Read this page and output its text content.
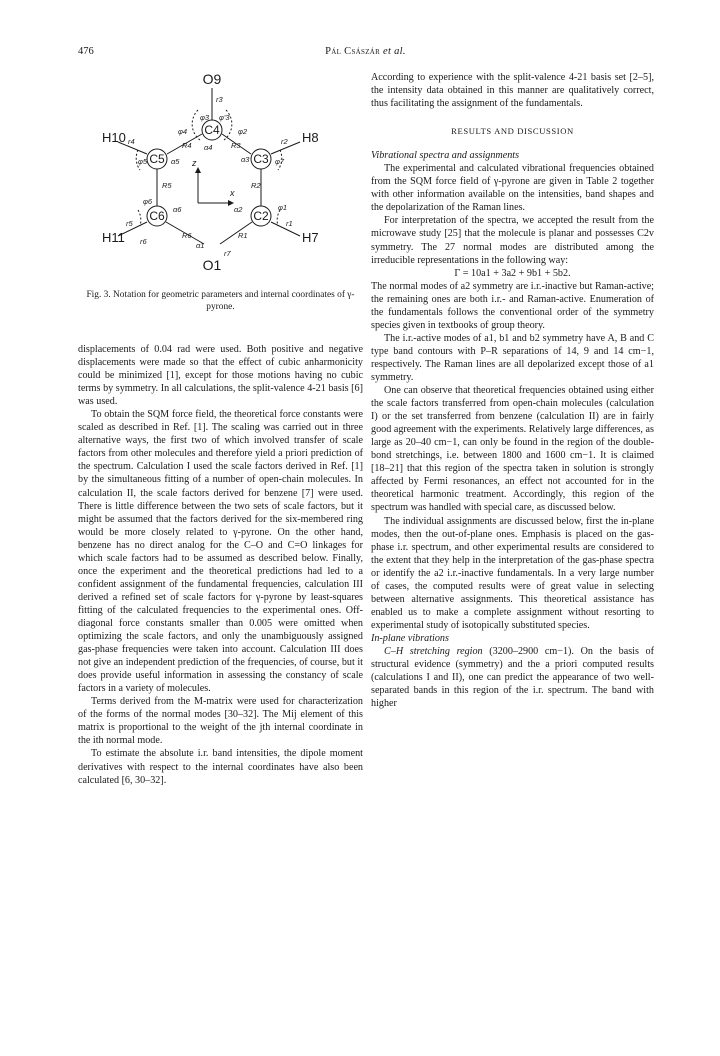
476	Pál Császár et al.
O9
O1
C4
C5	C3
C6	C2
H10	H8
H11	H7
z
x
r3
φ3 φ'3
r4	r2
φ4	φ2
R4	R3
α4
α3
φ5	α5	φ7
R5	R2
φ6
α6	α2	φ1
r5	r1
r6
R6	R1
α1
r7
Fig. 3. Notation for geometric parameters and internal coordinates of γ-pyrone.

displacements of 0.04 rad were used. Both positive and negative displacements were made so that the effect of cubic anharmonicity could be minimized [1], except for those motions having no cubic terms by symmetry. In all calculations, the split-valence 4-21 basis [6] was used.

To obtain the SQM force field, the theoretical force constants were scaled as described in Ref. [1]. The scaling was carried out in three alternative ways, the first two of which involved transfer of scale factors from other molecules and therefore yield a priori prediction of the spectrum. Calculation I used the scale factors derived in Ref. [1] by the simultaneous fitting of a number of open-chain molecules. In calculation II, the scale factors derived for benzene [7] were used. There is little difference between the two sets of scale factors, but it might be assumed that the factors derived for the six-membered ring would be more closely related to γ-pyrone. On the other hand, benzene has no direct analog for the C–O and C=O linkages for which scale factors had to be assumed as described below. Finally, once the experiment and the theoretical predictions had led to a confident assignment of the fundamental frequencies, calculation III derived a refined set of scale factors for γ-pyrone by least-squares fitting of the calculated frequencies to the experimental ones. Off-diagonal force constants smaller than 0.005 were omitted when optimizing the scale factors, and only the unambiguously assigned gas-phase frequencies were taken into account. Calculation III does not give an independent prediction of the frequencies, of course, but it does provide useful information in assessing the constancy of scale factors in a variety of molecules.

Terms derived from the M-matrix were used for characterization of the forms of the normal modes [30–32]. The Mij element of this matrix is proportional to the weight of the jth internal coordinate in the ith normal mode.

To estimate the absolute i.r. band intensities, the dipole moment derivatives with respect to the internal coordinates have also been calculated [6, 30–32].

According to experience with the split-valence 4-21 basis set [2–5], the intensity data obtained in this manner are qualitatively correct, thus facilitating the assignment of the fundamentals.

RESULTS AND DISCUSSION

Vibrational spectra and assignments

The experimental and calculated vibrational frequencies obtained from the SQM force field of γ-pyrone are given in Table 2 together with other information available on the intensities, band shapes and the depolarization of the Raman lines.

For interpretation of the spectra, we accepted the result from the microwave study [25] that the molecule is planar and possesses C2v symmetry. The 27 normal modes are distributed among the irreducible representations in the following way:

Γ = 10a1 + 3a2 + 9b1 + 5b2.

The normal modes of a2 symmetry are i.r.-inactive but Raman-active; the remaining ones are both i.r.- and Raman-active. Enumeration of the fundamentals follows the conventional order of the symmetry species given in textbooks of group theory.

The i.r.-active modes of a1, b1 and b2 symmetry have A, B and C type band contours with P–R separations of 14, 9 and 14 cm−1, respectively. The Raman lines are all depolarized except those of a1 symmetry.

One can observe that theoretical frequencies obtained using either the scale factors transferred from open-chain molecules (calculation I) or the set transferred from benzene (calculation II) are in fairly good agreement with the experiments. Relatively large differences, as large as 20–40 cm−1, can only be found in the region of the double-bond stretchings, i.e. between 1800 and 1600 cm−1. It is claimed [18–21] that this region of the spectra taken in solution is strongly affected by Fermi resonances, an effect not accounted for in the theoretical harmonic treatment. Accordingly, this region of the spectrum was handled with special care, as discussed below.

The individual assignments are discussed below, first the in-plane modes, then the out-of-plane ones. Emphasis is placed on the gas-phase i.r. spectrum, and other experimental results are considered to the extent that they help in the interpretation of the gas-phase spectra or identify the a2 i.r.-inactive fundamentals. In a very large number of cases, the computed results were of great value in selecting between alternative assignments. This theoretical assistance has enabled us to make a complete assignment without resorting to experimental study of isotopically substituted species.

In-plane vibrations

C–H stretching region (3200–2900 cm−1). On the basis of structural evidence (symmetry) and the a priori computed results (calculations I and II), one can predict the appearance of two well-separated bands in this region of the i.r. spectrum. The band with higher
